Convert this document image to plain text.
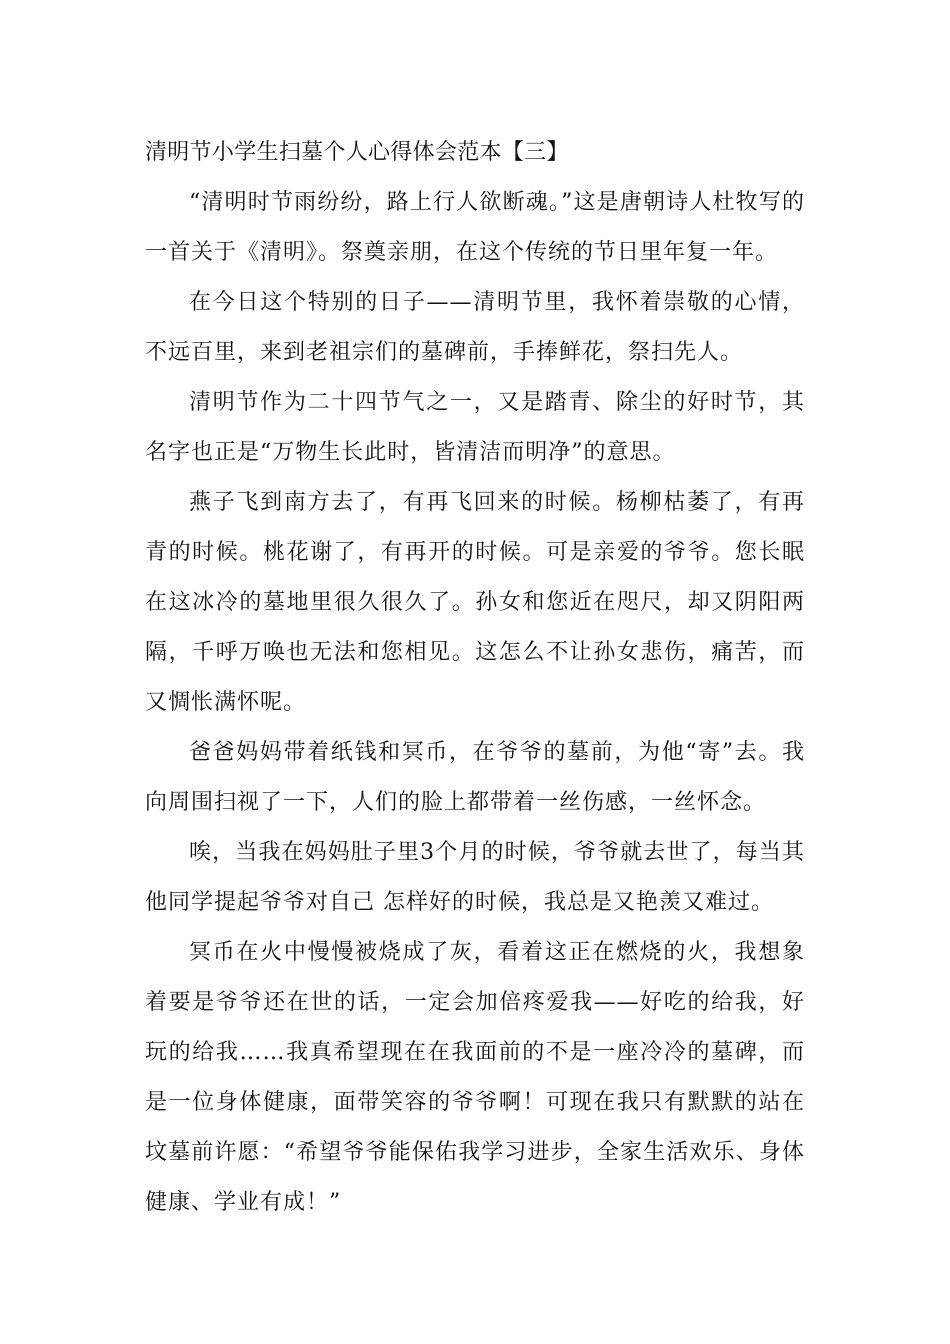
清明节小学生扫墓个人心得体会范本【三】

“清明时节雨纷纷，路上行人欲断魂。”这是唐朝诗人杜牧写的一首关于《清明》。祭奠亲朋，在这个传统的节日里年复一年。

在今日这个特别的日子——清明节里，我怀着崇敬的心情，不远百里，来到老祖宗们的墓碑前，手捧鲜花，祭扫先人。

清明节作为二十四节气之一，又是踏青、除尘的好时节，其名字也正是“万物生长此时，皆清洁而明净”的意思。

燕子飞到南方去了，有再飞回来的时候。杨柳枯萎了，有再青的时候。桃花谢了，有再开的时候。可是亲爱的爷爷。您长眠在这冰冷的墓地里很久很久了。孙女和您近在咫尺，却又阴阳两隔，千呼万唤也无法和您相见。这怎么不让孙女悲伤，痛苦，而又惆怅满怀呢。

爸爸妈妈带着纸钱和冥币，在爷爷的墓前，为他“寄”去。我向周围扫视了一下，人们的脸上都带着一丝伤感，一丝怀念。

唉，当我在妈妈肚子里3个月的时候，爷爷就去世了，每当其他同学提起爷爷对自己 怎样好的时候，我总是又艳羡又难过。

冥币在火中慢慢被烧成了灰，看着这正在燃烧的火，我想象着要是爷爷还在世的话，一定会加倍疼爱我——好吃的给我，好玩的给我……我真希望现在在我面前的不是一座冷冷的墓碑，而是一位身体健康，面带笑容的爷爷啊！可现在我只有默默的站在坟墓前许愿：“希望爷爷能保佑我学习进步，全家生活欢乐、身体健康、学业有成！”
